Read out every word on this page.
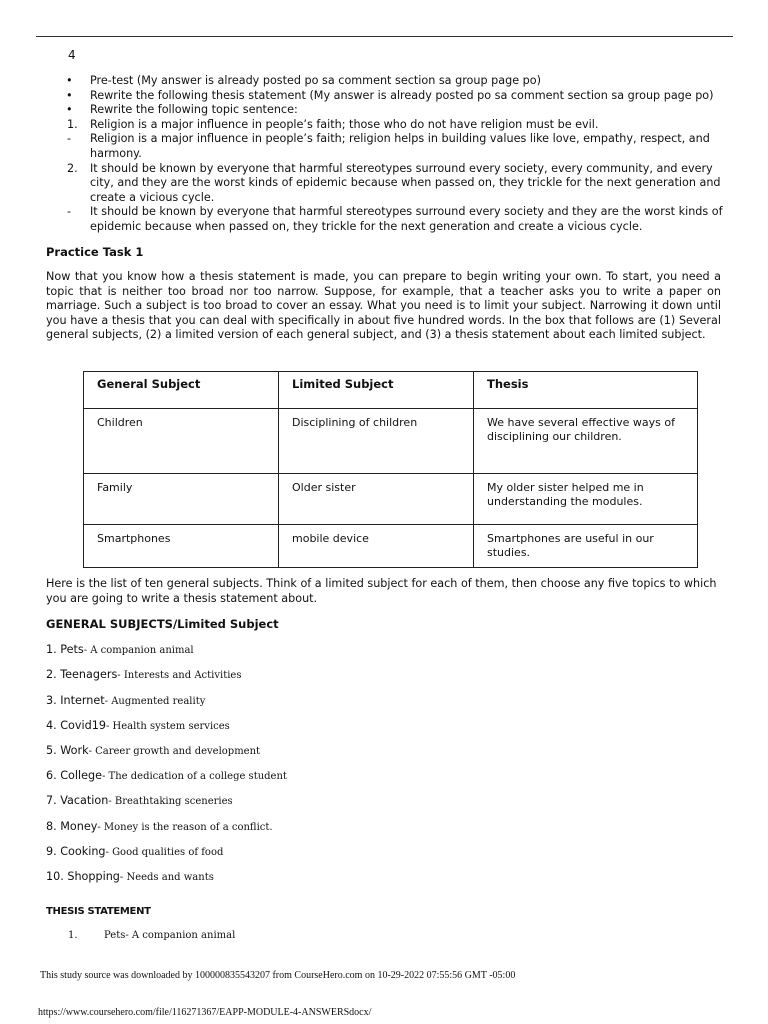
4
•	Pre-test (My answer is already posted po sa comment section sa group page po)
•	Rewrite the following thesis statement (My answer is already posted po sa comment section sa group page po)
•	Rewrite the following topic sentence:
1.	Religion is a major influence in people’s faith; those who do not have religion must be evil.
-	Religion is a major influence in people’s faith; religion helps in building values like love, empathy, respect, and harmony.
2.	It should be known by everyone that harmful stereotypes surround every society, every community, and every city, and they are the worst kinds of epidemic because when passed on, they trickle for the next generation and create a vicious cycle.
-	It should be known by everyone that harmful stereotypes surround every society and they are the worst kinds of epidemic because when passed on, they trickle for the next generation and create a vicious cycle.
Practice Task 1
Now that you know how a thesis statement is made, you can prepare to begin writing your own. To start, you need a topic that is neither too broad nor too narrow. Suppose, for example, that a teacher asks you to write a paper on marriage. Such a subject is too broad to cover an essay. What you need is to limit your subject. Narrowing it down until you have a thesis that you can deal with specifically in about five hundred words. In the box that follows are (1) Several general subjects, (2) a limited version of each general subject, and (3) a thesis statement about each limited subject.
General Subject	Limited Subject	Thesis
Children	Disciplining of children	We have several effective ways of disciplining our children.
Family	Older sister	My older sister helped me in understanding the modules.
Smartphones	mobile device	Smartphones are useful in our studies.
Here is the list of ten general subjects. Think of a limited subject for each of them, then choose any five topics to which you are going to write a thesis statement about.
GENERAL SUBJECTS/Limited Subject
1. Pets- A companion animal
2. Teenagers- Interests and Activities
3. Internet- Augmented reality
4. Covid19- Health system services
5. Work- Career growth and development
6. College- The dedication of a college student
7. Vacation- Breathtaking sceneries
8. Money- Money is the reason of a conflict.
9. Cooking- Good qualities of food
10. Shopping- Needs and wants
THESIS STATEMENT
1.	Pets- A companion animal
This study source was downloaded by 100000835543207 from CourseHero.com on 10-29-2022 07:55:56 GMT -05:00
https://www.coursehero.com/file/116271367/EAPP-MODULE-4-ANSWERSdocx/
